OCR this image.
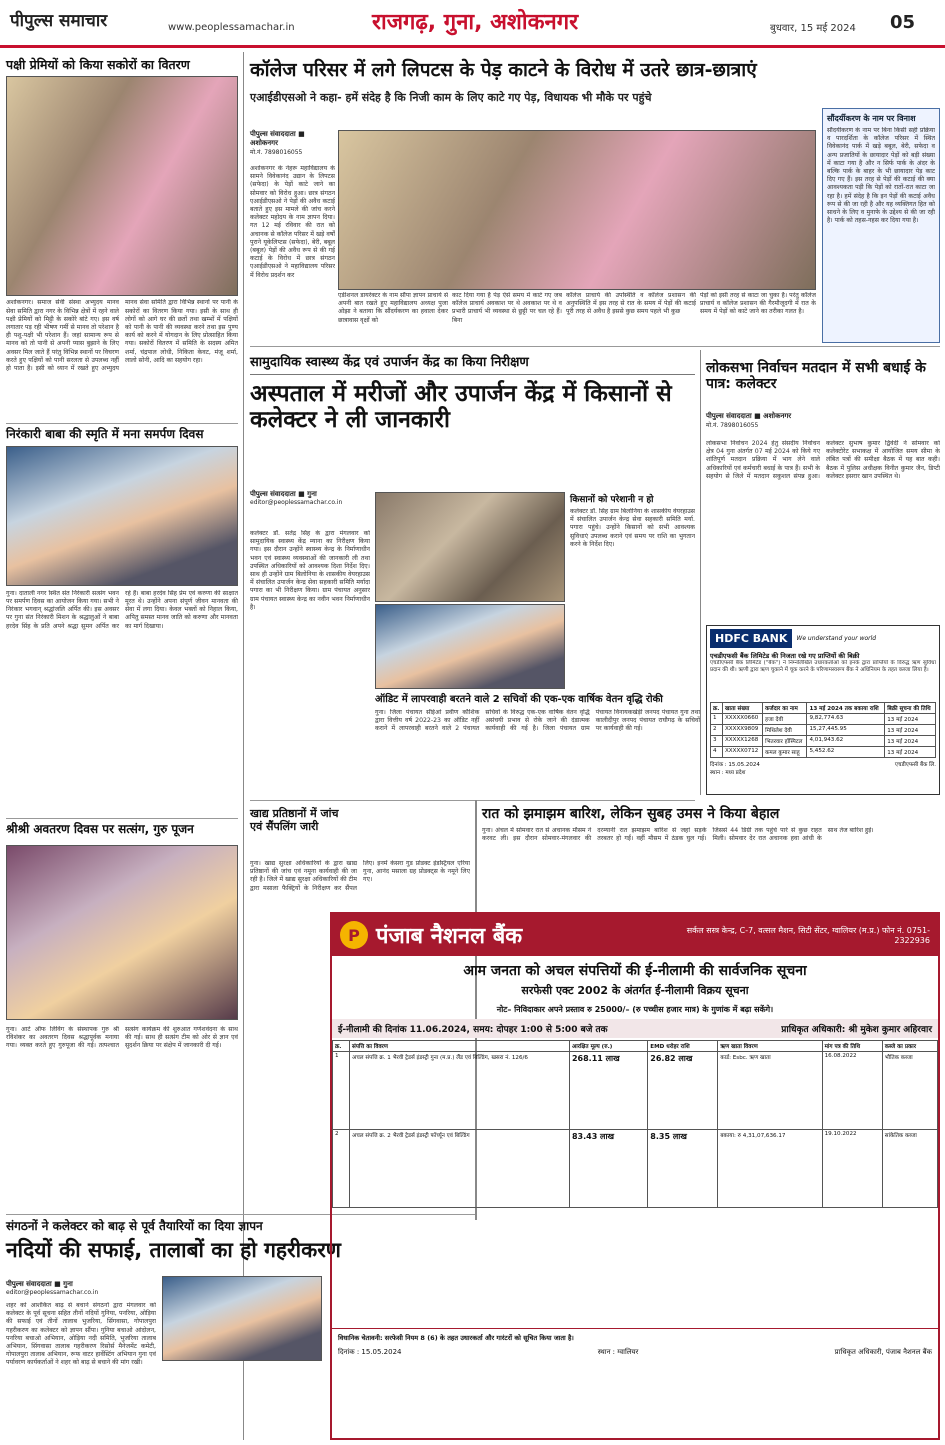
पीपुल्स समाचार	www.peoplessamachar.in	राजगढ़, गुना, अशोकनगर	बुधवार, 15 मई 2024 05
पक्षी प्रेमियों को किया सकोरों का वितरण
अशोकनगर। समाज सेवी संस्था अभ्युदय मानव सेवा समिति द्वारा नगर के विभिन्न क्षेत्रों में रहने वाले पक्षी प्रेमियों को मिट्टी के सकोरे बांटे गए। इस वर्ष लगातार पड़ रही भीषण गर्मी से मानव तो परेशान है ही पशु-पक्षी भी परेशान हैं। जहां सामान्य रूप से मानव को तो पानी से अपनी प्यास बुझाने के लिए अवसर मिल जाते हैं परंतु विभिन्न स्थानों पर विचरण करते हुए पक्षियों को पानी सरलता से उपलब्ध नहीं हो पाता है। इसी को ध्यान में रखते हुए अभ्युदय मानव सेवा समिति द्वारा विभिन्न स्थानों पर पानी के सकोरों का वितरण किया गया। इसी के साथ ही लोगों को आगे घर की छतों तथा खम्भों में पक्षियों को पानी के पानी की व्यवस्था करने तथा इस पुण्य कार्य को करने में योगदान के लिए प्रोत्साहित किया गया। सकोरों वितरण में समिति के सदस्य अमित शर्मा, चंद्रपाल लोधी, निकिता केवट, मंजू शर्मा, लालो सोनी, आदि का सहयोग रहा।
निरंकारी बाबा की स्मृति में मना समर्पण दिवस
गुना। दाताली नगर स्थित संत निरंकारी सत्संग भवन पर समर्पण दिवस का आयोजन किया गया। सभी ने निरंकार भगवान्‌ श्रद्धांजलि अर्पित की। इस अवसर पर गुना संत निरंकारी मिशन के श्रद्धालुओं ने बाबा हरदेव सिंह के प्रति अपने श्रद्धा सुमन अर्पित कर रहे हैं। बाबा हरदेव सिंह प्रेम एवं करुणा की साक्षात मूरत थे। उन्होंने अपना संपूर्ण जीवन मानवता की सेवा में लगा दिया। केवल भक्तों को निहाल किया, अपितु समस्त मानव जाति को करुणा और मानवता का मार्ग दिखाया।
श्रीश्री अवतरण दिवस पर सत्संग, गुरु पूजन
गुना। आर्ट ऑफ लिविंग के संस्थापक गुरु श्री रविशंकर का अवतरण दिवस श्रद्धापूर्वक मनाया गया। व्यक्त करते हुए गुरुपूजा की गई। तत्पश्चात सत्संग कार्यक्रम की शुरुआत गणेशवंदना के साथ की गई। साथ ही सत्संग टीम को ओर से ज्ञान एवं सुदर्शन क्रिया पर संक्षेप में जानकारी दी गई।
संगठनों ने कलेक्टर को बाढ़ से पूर्व तैयारियों का दिया ज्ञापन
नदियों की सफाई, तालाबों का हो गहरीकरण
पीपुल्स संवाददाता ■ गुना
editor@peoplessamachar.co.in
शहर को आशंकित बाढ़ से बचाने संगठनों द्वारा मंगलवार को कलेक्टर के पूर्व सूचना सहित तीनों नदियों गुनिया, पनरिया, ओड़िया की सफाई एवं तीनों तालाब भुजरिया, सिंगवासा, गोपालपुरा गहरीकरण का कलेक्टर को ज्ञापन सौंपा। गुनिया बचाओ आंदोलन, पनरिया बचाओ अभियान, ओड़िया नदी समिति, भुजरिया तालाब अभियान, सिंगवासा तालाब गहरीकरण रिसोर्स मैनेजमेंट कमेटी, गोपालपुरा तालाब अभियान, रूफ वाटर हार्वेस्टिंग अभियान गुना एवं पर्यावरण कार्यकर्ताओं ने शहर को बाढ़ से बचाने की मांग रखी।
कॉलेज परिसर में लगे लिपटस के पेड़ काटने के विरोध में उतरे छात्र-छात्राएं
एआईडीएसओ ने कहा- हमें संदेह है कि निजी काम के लिए काटे गए पेड़, विधायक भी मौके पर पहुंचे
पीपुल्स संवाददाता ■ अशोकनगर
मो.नं. 7898016055
अशोकनगर के नेहरू महाविद्यालय के सामने विवेकानंद उद्यान के लिपटस (सफेदा) के पेड़ों काटे जाने का सोमवार को विरोध हुआ। छात्र संगठन एआईडीएसओ ने पेड़ों की अवैध कटाई बताते हुए इस मामले की जांच करने कलेक्टर महोदय के नाम ज्ञापन दिया। गत 12 मई रविवार की रात को अचानक से कॉलेज परिसर में खड़े वर्षों पुराने यूकेलिप्टस (सफेदा), बेरी, बबूल (बबूल) पेड़ों की अवैध रूप से की गई कटाई के विरोध में छात्र संगठन एआईडीएसओ ने महाविद्यालय परिसर में विरोध प्रदर्शन कर
एडीशनल डायरेक्टर के नाम सौंपा ज्ञापन प्राचार्य से अपनी बात रखते हुए महाविद्यालय अध्यक्ष पुजा ओझा ने बताया कि सौंदर्यकरण का हवाला देकर छात्रावास वृक्षों को
काट दिया गया है पेड़ ऐसे समय में काटे गए जब कॉलेज प्राचार्य अवकाश पर थे अवकाश पर थे व प्रभारी प्राचार्य भी व्यवस्था से छुट्टी पर चल रहे हैं। बिना
कॉलेज प्राचार्य की उपस्थिति व कॉलेज प्रशासन की अनुपस्थिति में इस तरह से रात के समय में पेड़ों की कटाई पूरी तरह से अवैध है इससे कुछ समय पहले भी कुछ
पेड़ों को इसी तरह से काटा जा चुका है। परंतु कॉलेज प्राचार्य व कॉलेज प्रशासन की गैरमौजूदगी में रात के समय में पेड़ों को काटे जाने का तरीका गलत है।
सौंदर्यीकरण के नाम पर विनाश
सौंदर्यीकरण के नाम पर बिना किसी सही प्रक्रिया व पारदर्शिता के कॉलेज परिसर में स्थित विवेकानंद पार्क में खड़े बबूल, बेरी, सफेदा व अन्य प्रजातियों के छायादार पेड़ों को बड़ी संख्या में काटा गया है और न सिर्फ पार्क के अंदर के बल्कि पार्क के बाहर के भी छायादार पेड़ काट दिए गए हैं। इस तरह से पेड़ों की कटाई की क्या आवश्यकता पड़ी कि पेड़ों को रातों-रात काटा जा रहा है। हमें संदेह है कि इन पेड़ों की कटाई अवैध रूप से की जा रही है और यह व्यक्तिगत हित को साधने के लिए व मुनाफे के उद्देश्य से की जा रही है। पार्क को तहस-नहस कर दिया गया है।
सामुदायिक स्वास्थ्य केंद्र एवं उपार्जन केंद्र का किया निरीक्षण
अस्पताल में मरीजों और उपार्जन केंद्र में किसानों से कलेक्टर ने ली जानकारी
पीपुल्स संवाददाता ■ गुना
editor@peoplessamachar.co.in
कलेक्टर डॉ. सतेंद्र सिंह के द्वारा मंगलवार को सामुदायिक स्वास्थ्य केंद्र म्याना का निरीक्षण किया गया। इस दौरान उन्होंने स्वास्थ्य केन्द्र के निर्माणाधीन भवन एवं स्वास्थ्य व्यवस्थाओं की जानकारी ली तथा उपस्थित अधिकारियों को आवश्यक दिशा निर्देश दिए। साथ ही उन्होंने ग्राम बिलोनिया के शासकीय वेयरहाउस में संचालित उपार्जन केन्द्र सेवा सहकारी समिति मर्यादा पगारा का भी निरीक्षण किया। ग्राम पंचायत अनुसार ग्राम पंचायत स्वास्थ्य केन्द्र का नवीन भवन निर्माणाधीन है।
किसानों को परेशानी न हो
कलेक्टर डॉ. सिंह ग्राम बिलोनिया के शासकीय वेयरहाउस में संचालित उपार्जन केन्द्र सेवा सहकारी समिति मर्या. पगारा पहुंचे। उन्होंने किसानों को सभी आवश्यक सुविधाएं उपलब्ध कराने एवं समय पर राशि का भुगतान करने के निर्देश दिए।
ऑडिट में लापरवाही बरतने वाले 2 सचिवों की एक-एक वार्षिक वेतन वृद्धि रोकी
गुना। जिला पंचायत सीईओ प्रवीण कौशिक द्वारा वित्तीय वर्ष 2022-23 का ऑडिट नहीं कराने में लापरवाही बरतने वाले 2 पंचायत सचिवों के विरुद्ध एक-एक वार्षिक वेतन वृद्धि असंचयी प्रभाव से रोके जाने की दंडात्मक कार्यवाही की गई है। जिला पंचायत ग्राम पंचायत विनायकखेड़ी जनपद पंचायत गुना तथा कालीदीपुर जनपद पंचायत राघौगढ़ के सचिवों पर कार्यवाही की गई।
खाद्य प्रतिष्ठानों में जांच एवं सैंपलिंग जारी
गुना। खाद्य सुरक्षा अधिकारियों के द्वारा खाद्य प्रतिष्ठानों की जांच एवं नमूना कार्यवाही की जा रही है। जिले में खाद्य सुरक्षा अधिकारियों की टीम द्वारा मसाला फैक्ट्रियों के निरीक्षण कर सैंपल लिए। इनमें केसरा गुड प्रोडक्ट इंडस्ट्रियल एरिया गुना, आनंद मसाला ग्रह प्रोडक्ट्स के नमूने लिए गए।
रात को झमाझम बारिश, लेकिन सुबह उमस ने किया बेहाल
गुना। अंचल में सोमवार रात से अचानक मौसम ने करवट ली। इस दौरान सोमवार-मंगलवार की दरम्यानी रात झमाझम बारिश से जहां सड़कें तरबतर हो गईं। वहीं मौसम में ठंडक घुल गई। जिससे 44 डिग्री तक पहुंचे पारे से कुछ राहत मिली। सोमवार देर रात अचानक हवा आंधी के साथ तेज बारिश हुई।
लोकसभा निर्वाचन मतदान में सभी बधाई के पात्र: कलेक्टर
पीपुल्स संवाददाता ■ अशोकनगर
मो.नं. 7898016055
लोकसभा निर्वाचन 2024 हेतु संसदीय निर्वाचन क्षेत्र 04 गुना अंतर्गत 07 मई 2024 को किये गए शांतिपूर्ण मतदान प्रक्रिया में भाग लेने वाले अधिकारियों एवं कर्मचारी बधाई के पात्र हैं। सभी के सहयोग से जिले में मतदान सकुशल संपन्न हुआ। कलेक्टर सुभाष कुमार द्विवेदी ने सोमवार को कलेक्टोरेट सभाकक्ष में आयोजित समय सीमा के लंबित पत्रों की समीक्षा बैठक में यह बात कही। बैठक में पुलिस अधीक्षक विनीत कुमार जैन, डिप्टी कलेक्टर इसरार खान उपस्थित थे।
HDFC BANK	We understand your world
एचडीएफसी बैंक लिमिटेड की निजता रखे गए प्राप्तियों की बिक्री
एचडीएफसी बैंक लिमिटेड ("बैंक") ने निम्नलिखित उधारकर्ताओं को इनके द्वारा प्राप्तियों के विरुद्ध ऋण सुविधा प्रदान की थी। ऋणी द्वारा ऋण चुकाने में चूक करने के परिणामस्वरूप बैंक ने अधिनियम के तहत कब्जा लिया है।
क्र.	खाता संख्या	कर्जदार का नाम	13 मई 2024 तक बकाया राशि	बिक्री सूचना की तिथि
1	XXXXX0660	हजा देवी	9,82,774.63	13 मई 2024
2	XXXXX9809	मिथिलेश देवी	15,27,445.95	13 मई 2024
3	XXXXX1268	भितरवार हॉस्पिटल	4,01,943.62	13 मई 2024
4	XXXXX0712	कमल कुमार साहू	5,452.62	13 मई 2024
दिनांक : 15.05.2024	एचडीएफसी बैंक लि.
स्थान : मध्य प्रदेश
P पंजाब नैशनल बैंक	सर्कल सस्त्र केन्द्र, C-7, वत्सल मैशन, सिटी सेंटर, ग्वालियर (म.प्र.) फोन नं. 0751-2322936
आम जनता को अचल संपत्तियों की ई-नीलामी की सार्वजनिक सूचना
सरफेसी एक्ट 2002 के अंतर्गत ई-नीलामी विक्रय सूचना
नोट– निविदाकार अपने प्रस्ताव रु 25000/– (रु पच्चीस हजार मात्र) के गुणांक में बढ़ा सकेंगे।
ई-नीलामी की दिनांक 11.06.2024, समय: दोपहर 1:00 से 5:00 बजे तक	प्राधिकृत अधिकारी: श्री मुकेश कुमार अहिरवार
क्र.	संपत्ति का विवरण	आरक्षित मूल्य (रु.)	EMD धरोहर राशि	ऋण खाता विवरण	मांग पत्र की तिथि	कब्जे का प्रकार
1	अचल संपत्ति क्र. 1 भैरवी ट्रेडर्स इंडस्ट्री गुना (म.प्र.) लैंड एवं बिल्डिंग, खसरा नं. 126/6	268.11 लाख	26.82 लाख	कार्ड: Esbc. ऋण खाता	16.08.2022	भौतिक कब्जा
2	अचल संपत्ति क्र. 2 भैरवी ट्रेडर्स इंडस्ट्री फॉर्च्यून एवं बिल्डिंग	83.43 लाख	8.35 लाख	बकाया: रु 4,31,07,636.17	19.10.2022	सांकेतिक कब्जा
विधानिक चेतावनी: सरफेसी नियम 8 (6) के तहत उधारकर्ता और गारंटरों को सूचित किया जाता है।
दिनांक : 15.05.2024	स्थान : ग्वालियर	प्राधिकृत अधिकारी, पंजाब नैशनल बैंक
